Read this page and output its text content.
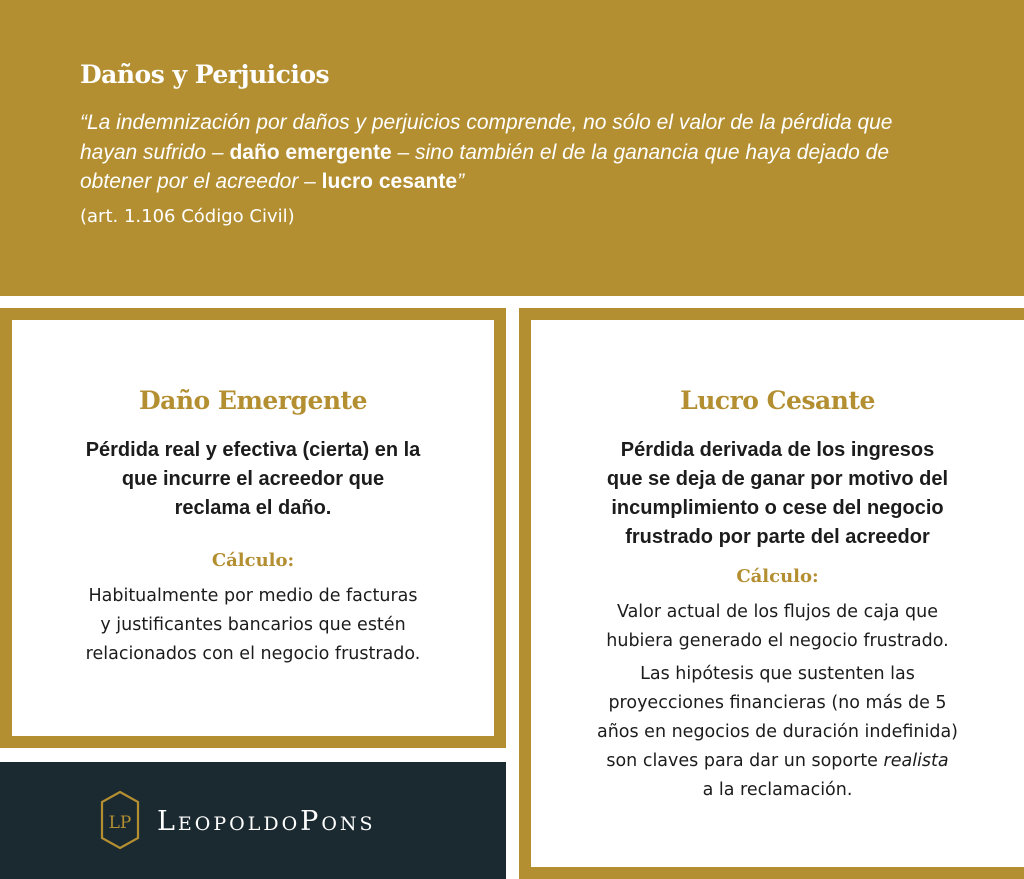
Daños y Perjuicios
“La indemnización por daños y perjuicios comprende, no sólo el valor de la pérdida que hayan sufrido – daño emergente – sino también el de la ganancia que haya dejado de obtener por el acreedor – lucro cesante”
(art. 1.106 Código Civil)
Daño Emergente
Pérdida real y efectiva (cierta) en la
que incurre el acreedor que
reclama el daño.
Cálculo:
Habitualmente por medio de facturas
y justificantes bancarios que estén
relacionados con el negocio frustrado.
Lucro Cesante
Pérdida derivada de los ingresos
que se deja de ganar por motivo del
incumplimiento o cese del negocio
frustrado por parte del acreedor
Cálculo:
Valor actual de los flujos de caja que
hubiera generado el negocio frustrado.
Las hipótesis que sustenten las
proyecciones financieras (no más de 5
años en negocios de duración indefinida)
son claves para dar un soporte realista
a la reclamación.
LP LeopoldoPons
